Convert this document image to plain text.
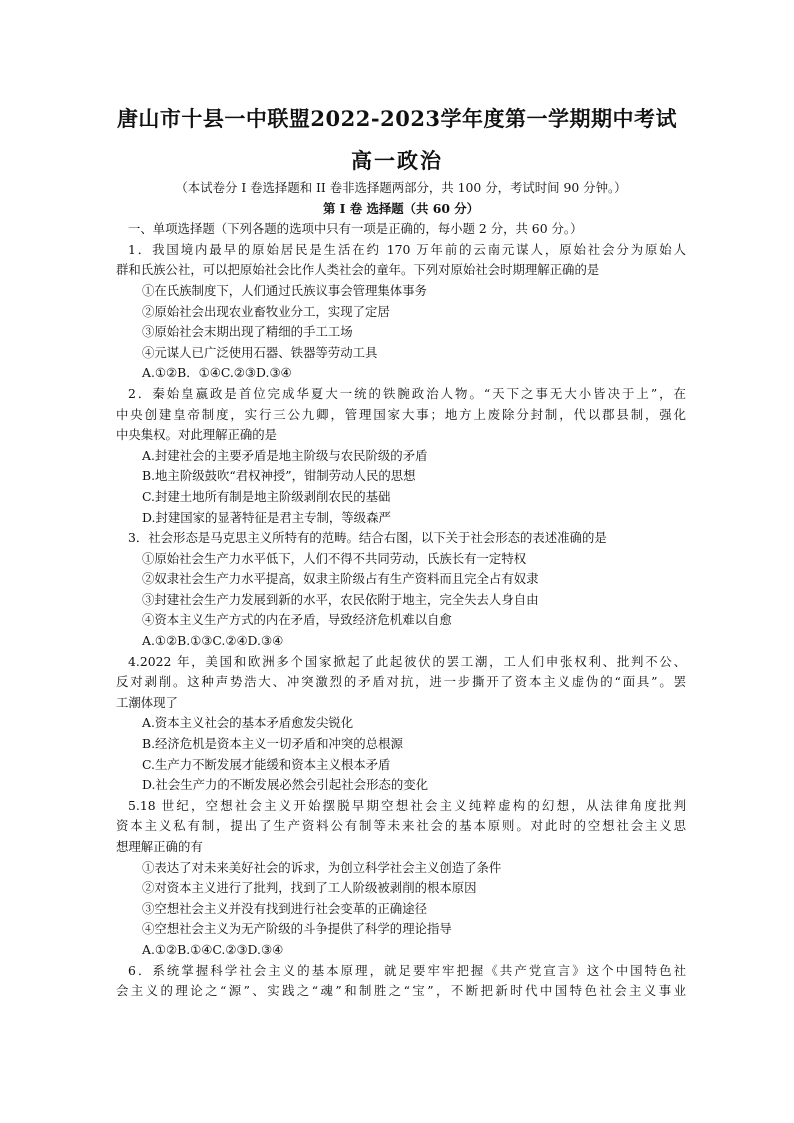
唐山市十县一中联盟2022-2023学年度第一学期期中考试
高一政治
（本试卷分 I 卷选择题和 II 卷非选择题两部分，共 100 分，考试时间 90 分钟。）
第 I 卷 选择题（共 60 分）
一、单项选择题（下列各题的选项中只有一项是正确的，每小题 2 分，共 60 分。）
1．我国境内最早的原始居民是生活在约 170 万年前的云南元谋人，原始社会分为原始人
群和氏族公社，可以把原始社会比作人类社会的童年。下列对原始社会时期理解正确的是
①在氏族制度下，人们通过氏族议事会管理集体事务
②原始社会出现农业畜牧业分工，实现了定居
③原始社会末期出现了精细的手工工场
④元谋人已广泛使用石器、铁器等劳动工具
A.①②B．①④C.②③D.③④
2．秦始皇嬴政是首位完成华夏大一统的铁腕政治人物。“天下之事无大小皆决于上”，在
中央创建皇帝制度，实行三公九卿，管理国家大事；地方上废除分封制，代以郡县制，强化
中央集权。对此理解正确的是
A.封建社会的主要矛盾是地主阶级与农民阶级的矛盾
B.地主阶级鼓吹“君权神授”，钳制劳动人民的思想
C.封建土地所有制是地主阶级剥削农民的基础
D.封建国家的显著特征是君主专制，等级森严
3．社会形态是马克思主义所特有的范畴。结合右图，以下关于社会形态的表述准确的是
①原始社会生产力水平低下，人们不得不共同劳动，氏族长有一定特权
②奴隶社会生产力水平提高，奴隶主阶级占有生产资料而且完全占有奴隶
③封建社会生产力发展到新的水平，农民依附于地主，完全失去人身自由
④资本主义生产方式的内在矛盾，导致经济危机难以自愈
A.①②B.①③C.②④D.③④
4.2022 年，美国和欧洲多个国家掀起了此起彼伏的罢工潮，工人们申张权利、批判不公、
反对剥削。这种声势浩大、冲突激烈的矛盾对抗，进一步撕开了资本主义虚伪的“面具”。罢
工潮体现了
A.资本主义社会的基本矛盾愈发尖锐化
B.经济危机是资本主义一切矛盾和冲突的总根源
C.生产力不断发展才能缓和资本主义根本矛盾
D.社会生产力的不断发展必然会引起社会形态的变化
5.18 世纪，空想社会主义开始摆脱早期空想社会主义纯粹虚构的幻想，从法律角度批判
资本主义私有制，提出了生产资料公有制等未来社会的基本原则。对此时的空想社会主义思
想理解正确的有
①表达了对未来美好社会的诉求，为创立科学社会主义创造了条件
②对资本主义进行了批判，找到了工人阶级被剥削的根本原因
③空想社会主义并没有找到进行社会变革的正确途径
④空想社会主义为无产阶级的斗争提供了科学的理论指导
A.①②B.①④C.②③D.③④
6．系统掌握科学社会主义的基本原理，就足要牢牢把握《共产党宣言》这个中国特色社
会主义的理论之“源”、实践之“魂”和制胜之“宝”，不断把新时代中国特色社会主义事业
